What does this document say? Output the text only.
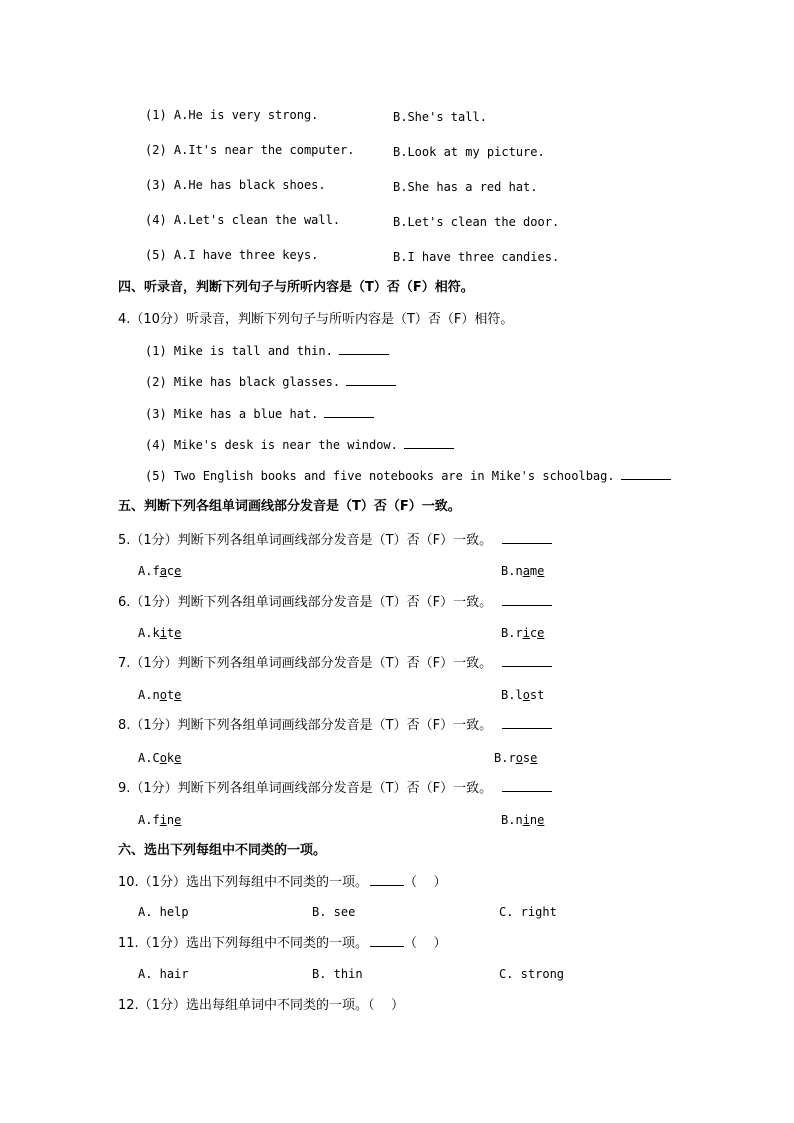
(1) A.He is very strong.	B.She's tall.
(2) A.It's near the computer.	B.Look at my picture.
(3) A.He has black shoes.	B.She has a red hat.
(4) A.Let's clean the wall.	B.Let's clean the door.
(5) A.I have three keys.	B.I have three candies.
四、听录音，判断下列句子与所听内容是（T）否（F）相符。
4.（10分）听录音，判断下列句子与所听内容是（T）否（F）相符。
(1) Mike is tall and thin.
(2) Mike has black glasses.
(3) Mike has a blue hat.
(4) Mike's desk is near the window.
(5) Two English books and five notebooks are in Mike's schoolbag.
五、判断下列各组单词画线部分发音是（T）否（F）一致。
5.（1分）判断下列各组单词画线部分发音是（T）否（F）一致。
A.face	B.name
6.（1分）判断下列各组单词画线部分发音是（T）否（F）一致。
A.kite	B.rice
7.（1分）判断下列各组单词画线部分发音是（T）否（F）一致。
A.note	B.lost
8.（1分）判断下列各组单词画线部分发音是（T）否（F）一致。
A.Coke	B.rose
9.（1分）判断下列各组单词画线部分发音是（T）否（F）一致。
A.fine	B.nine
六、选出下列每组中不同类的一项。
10.（1分）选出下列每组中不同类的一项。	（    ）
A. help	B. see	C. right
11.（1分）选出下列每组中不同类的一项。	（    ）
A. hair	B. thin	C. strong
12.（1分）选出每组单词中不同类的一项。（    ）
